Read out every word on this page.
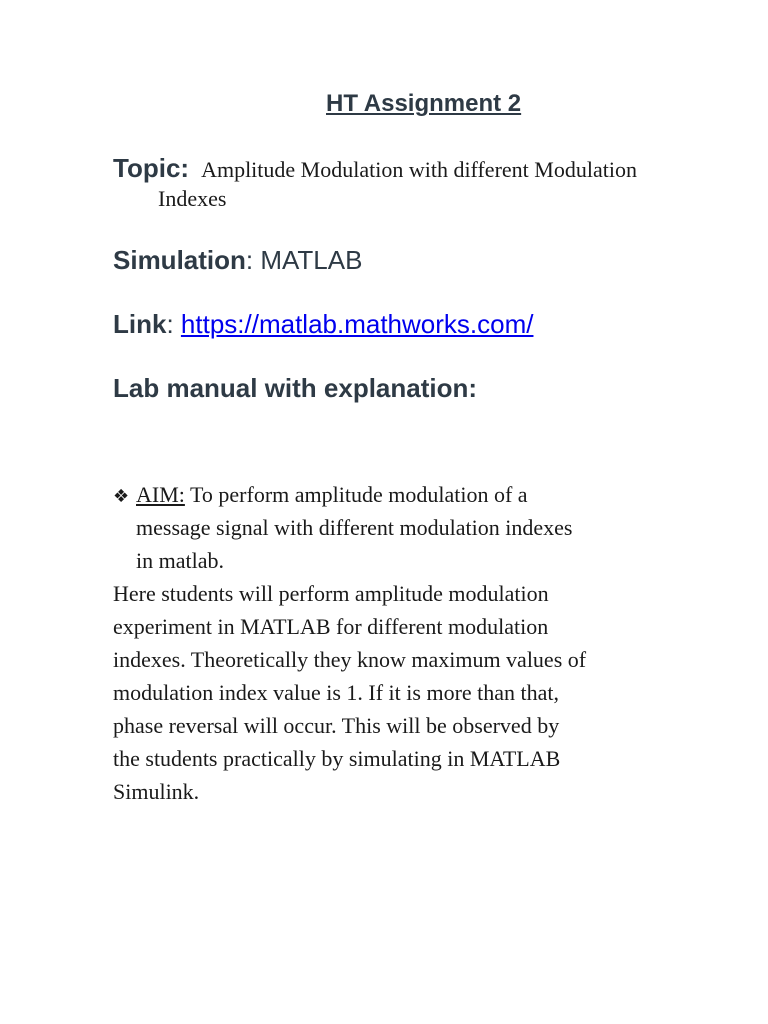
HT Assignment 2
Topic: Amplitude Modulation with different Modulation
Indexes
Simulation: MATLAB
Link: https://matlab.mathworks.com/
Lab manual with explanation:
❖ AIM: To perform amplitude modulation of a
message signal with different modulation indexes
in matlab.
Here students will perform amplitude modulation
experiment in MATLAB for different modulation
indexes. Theoretically they know maximum values of
modulation index value is 1. If it is more than that,
phase reversal will occur. This will be observed by
the students practically by simulating in MATLAB
Simulink.
